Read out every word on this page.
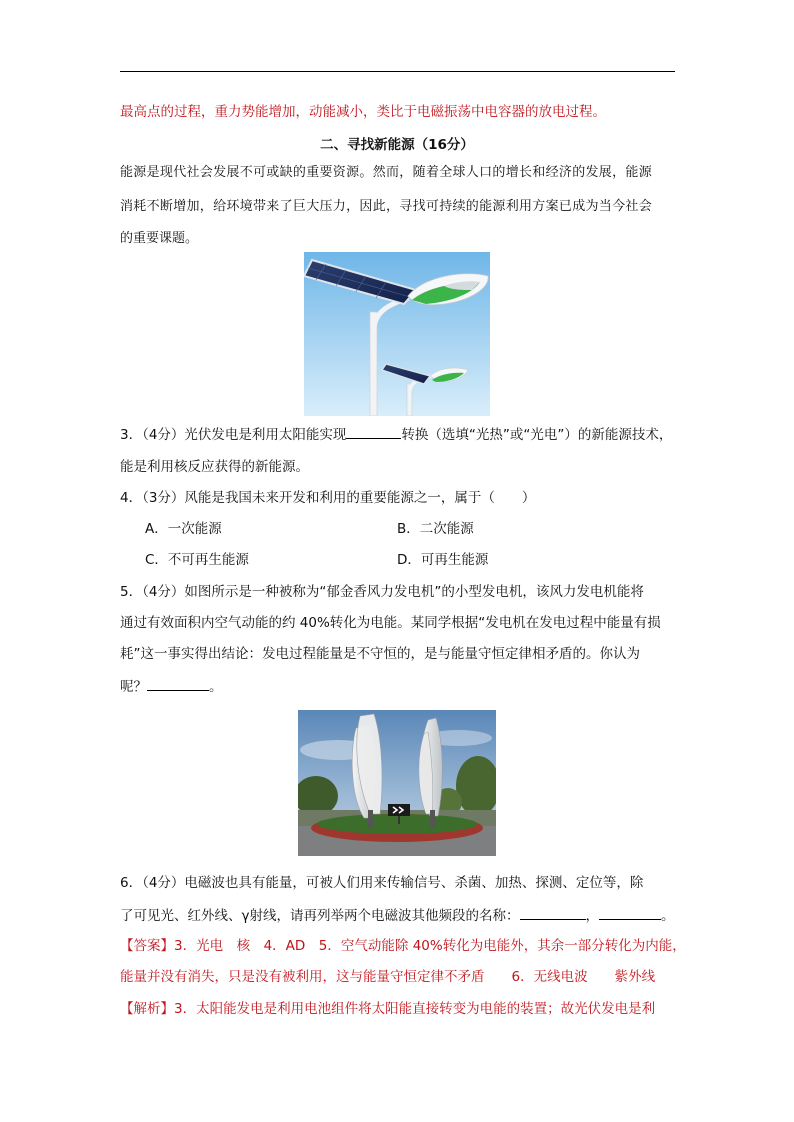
最高点的过程，重力势能增加，动能减小，类比于电磁振荡中电容器的放电过程。
二、寻找新能源（16分）
能源是现代社会发展不可或缺的重要资源。然而，随着全球人口的增长和经济的发展，能源
消耗不断增加，给环境带来了巨大压力，因此，寻找可持续的能源利用方案已成为当今社会
的重要课题。
3．（4分）光伏发电是利用太阳能实现	转换（选填“光热”或“光电”）的新能源技术，
能是利用核反应获得的新能源。
4．（3分）风能是我国未来开发和利用的重要能源之一，属于（　　）
A．一次能源	B．二次能源
C．不可再生能源	D．可再生能源
5．（4分）如图所示是一种被称为“郁金香风力发电机”的小型发电机，该风力发电机能将
通过有效面积内空气动能的约 40%转化为电能。某同学根据“发电机在发电过程中能量有损
耗”这一事实得出结论：发电过程能量是不守恒的，是与能量守恒定律相矛盾的。你认为
呢？	。
6．（4分）电磁波也具有能量，可被人们用来传输信号、杀菌、加热、探测、定位等，除
了可见光、红外线、γ射线，请再列举两个电磁波其他频段的名称：	，	。
【答案】3．光电　核　4．AD　5．空气动能除 40%转化为电能外，其余一部分转化为内能，
能量并没有消失，只是没有被利用，这与能量守恒定律不矛盾　　6．无线电波　　紫外线
【解析】3．太阳能发电是利用电池组件将太阳能直接转变为电能的装置；故光伏发电是利
